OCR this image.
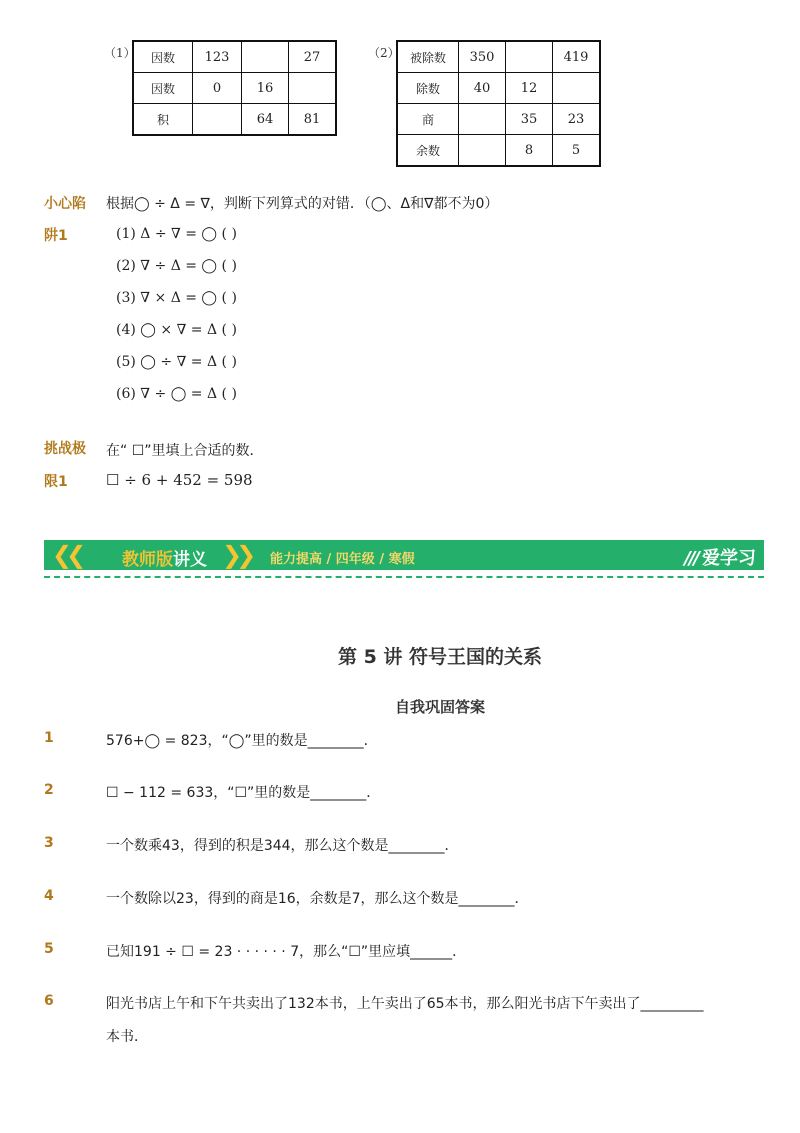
（1） 因数	123		27
因数	0	16	
积		64	81
（2） 被除数	350		419
除数	40	12	
商		35	23
余数		8	5
小心陷
阱1
根据◯ ÷ Δ = ∇，判断下列算式的对错．（◯、Δ和∇都不为0）
(1) Δ ÷ ∇ = ◯ ( )
(2) ∇ ÷ Δ = ◯ ( )
(3) ∇ × Δ = ◯ ( )
(4) ◯ × ∇ = Δ ( )
(5) ◯ ÷ ∇ = Δ ( )
(6) ∇ ÷ ◯ = Δ ( )
挑战极
限1
在“ ☐”里填上合适的数．
☐ ÷ 6 + 452 = 598
❮❮ 教师版讲义 ❯❯ 能力提高 / 四年级 / 寒假	/// 爱学习
第 5 讲 符号王国的关系
自我巩固答案
1	576+◯ = 823，“◯”里的数是________．
2	☐ − 112 = 633，“☐”里的数是________．
3	一个数乘43，得到的积是344，那么这个数是________．
4	一个数除以23，得到的商是16，余数是7，那么这个数是________．
5	已知191 ÷ ☐ = 23 · · · · · · 7，那么“☐”里应填______．
6	阳光书店上午和下午共卖出了132本书，上午卖出了65本书，那么阳光书店下午卖出了_________
本书．
